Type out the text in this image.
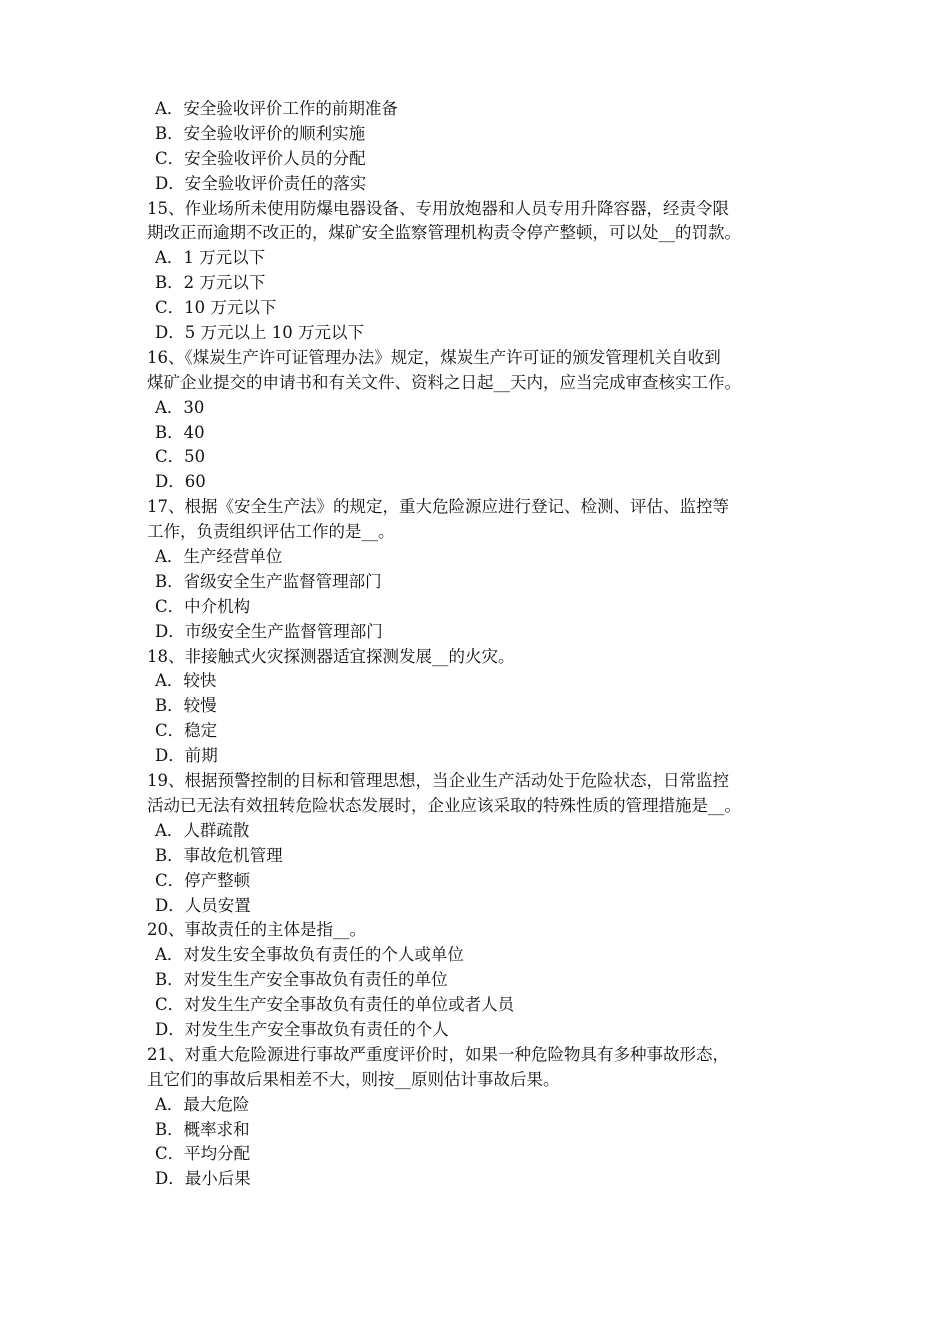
A．安全验收评价工作的前期准备
B．安全验收评价的顺利实施
C．安全验收评价人员的分配
D．安全验收评价责任的落实
15、作业场所未使用防爆电器设备、专用放炮器和人员专用升降容器，经责令限
期改正而逾期不改正的，煤矿安全监察管理机构责令停产整顿，可以处__的罚款。
A．1 万元以下
B．2 万元以下
C．10 万元以下
D．5 万元以上 10 万元以下
16、《煤炭生产许可证管理办法》规定，煤炭生产许可证的颁发管理机关自收到
煤矿企业提交的申请书和有关文件、资料之日起__天内，应当完成审查核实工作。
A．30
B．40
C．50
D．60
17、根据《安全生产法》的规定，重大危险源应进行登记、检测、评估、监控等
工作，负责组织评估工作的是__。
A．生产经营单位
B．省级安全生产监督管理部门
C．中介机构
D．市级安全生产监督管理部门
18、非接触式火灾探测器适宜探测发展__的火灾。
A．较快
B．较慢
C．稳定
D．前期
19、根据预警控制的目标和管理思想，当企业生产活动处于危险状态，日常监控
活动已无法有效扭转危险状态发展时，企业应该采取的特殊性质的管理措施是__。
A．人群疏散
B．事故危机管理
C．停产整顿
D．人员安置
20、事故责任的主体是指__。
A．对发生安全事故负有责任的个人或单位
B．对发生生产安全事故负有责任的单位
C．对发生生产安全事故负有责任的单位或者人员
D．对发生生产安全事故负有责任的个人
21、对重大危险源进行事故严重度评价时，如果一种危险物具有多种事故形态，
且它们的事故后果相差不大，则按__原则估计事故后果。
A．最大危险
B．概率求和
C．平均分配
D．最小后果
